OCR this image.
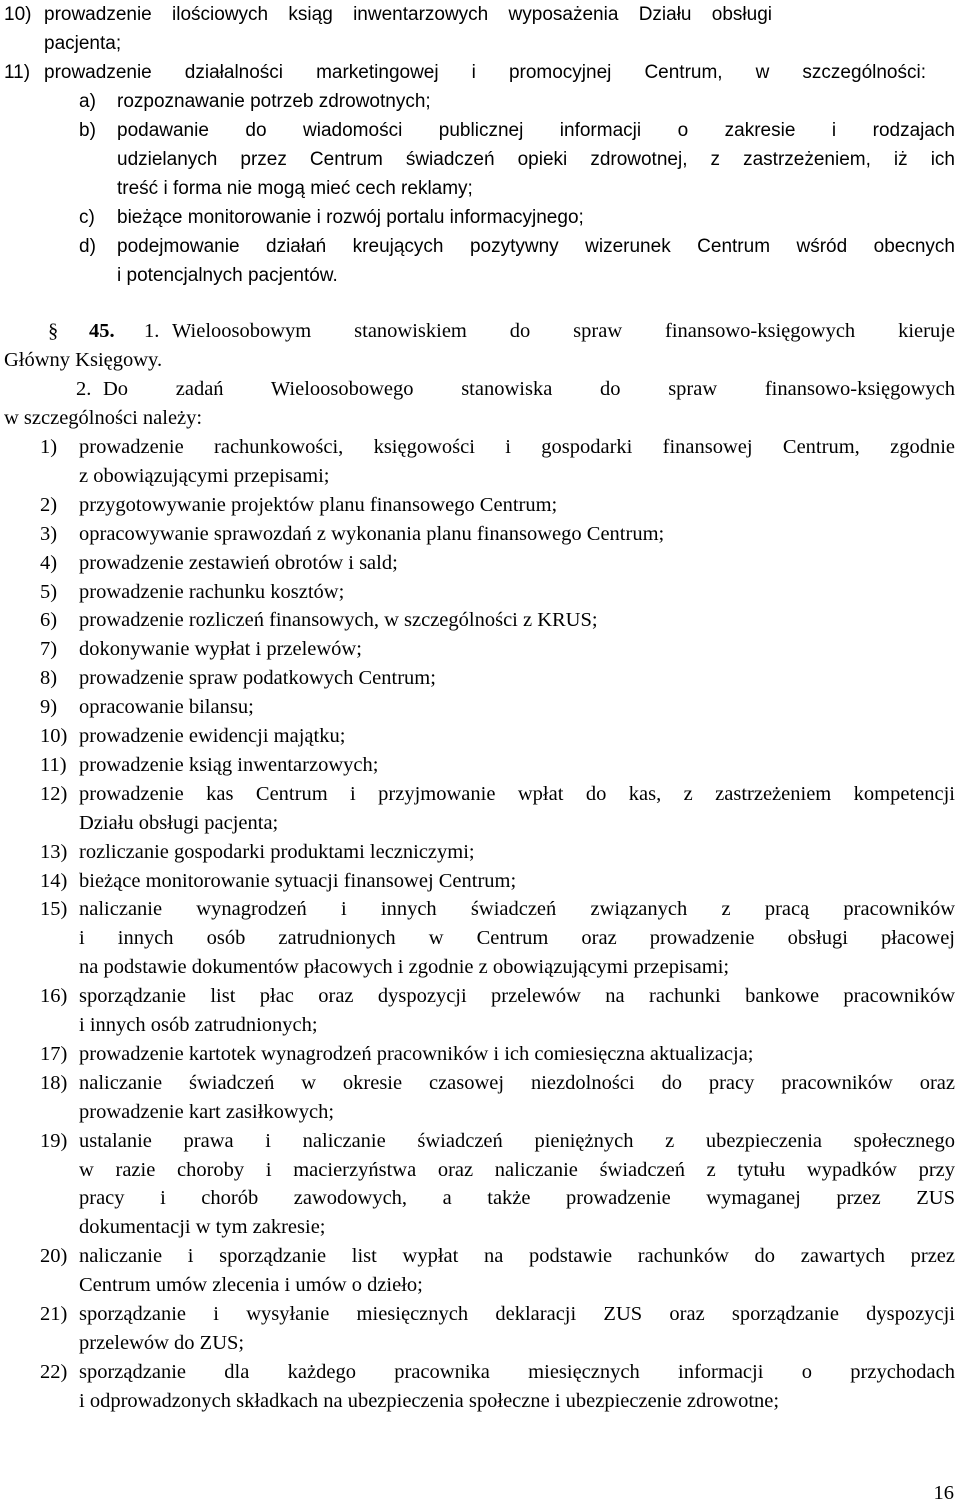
10) prowadzenie ilościowych ksiąg inwentarzowych wyposażenia Działu obsługi
pacjenta;
11) prowadzenie działalności marketingowej i promocyjnej Centrum, w szczególności:
a) rozpoznawanie potrzeb zdrowotnych;
b) podawanie do wiadomości publicznej informacji o zakresie i rodzajach
udzielanych przez Centrum świadczeń opieki zdrowotnej, z zastrzeżeniem, iż ich
treść i forma nie mogą mieć cech reklamy;
c) bieżące monitorowanie i rozwój portalu informacyjnego;
d) podejmowanie działań kreujących pozytywny wizerunek Centrum wśród obecnych
i potencjalnych pacjentów.
§ 45. 1. Wieloosobowym stanowiskiem do spraw finansowo-księgowych kieruje
Główny Księgowy.
2. Do zadań Wieloosobowego stanowiska do spraw finansowo-księgowych
w szczególności należy:
1) prowadzenie rachunkowości, księgowości i gospodarki finansowej Centrum, zgodnie
z obowiązującymi przepisami;
2) przygotowywanie projektów planu finansowego Centrum;
3) opracowywanie sprawozdań z wykonania planu finansowego Centrum;
4) prowadzenie zestawień obrotów i sald;
5) prowadzenie rachunku kosztów;
6) prowadzenie rozliczeń finansowych, w szczególności z KRUS;
7) dokonywanie wypłat i przelewów;
8) prowadzenie spraw podatkowych Centrum;
9) opracowanie bilansu;
10) prowadzenie ewidencji majątku;
11) prowadzenie ksiąg inwentarzowych;
12) prowadzenie kas Centrum i przyjmowanie wpłat do kas, z zastrzeżeniem kompetencji
Działu obsługi pacjenta;
13) rozliczanie gospodarki produktami leczniczymi;
14) bieżące monitorowanie sytuacji finansowej Centrum;
15) naliczanie wynagrodzeń i innych świadczeń związanych z pracą pracowników
i innych osób zatrudnionych w Centrum oraz prowadzenie obsługi płacowej
na podstawie dokumentów płacowych i zgodnie z obowiązującymi przepisami;
16) sporządzanie list płac oraz dyspozycji przelewów na rachunki bankowe pracowników
i innych osób zatrudnionych;
17) prowadzenie kartotek wynagrodzeń pracowników i ich comiesięczna aktualizacja;
18) naliczanie świadczeń w okresie czasowej niezdolności do pracy pracowników oraz
prowadzenie kart zasiłkowych;
19) ustalanie prawa i naliczanie świadczeń pieniężnych z ubezpieczenia społecznego
w razie choroby i macierzyństwa oraz naliczanie świadczeń z tytułu wypadków przy
pracy i chorób zawodowych, a także prowadzenie wymaganej przez ZUS
dokumentacji w tym zakresie;
20) naliczanie i sporządzanie list wypłat na podstawie rachunków do zawartych przez
Centrum umów zlecenia i umów o dzieło;
21) sporządzanie i wysyłanie miesięcznych deklaracji ZUS oraz sporządzanie dyspozycji
przelewów do ZUS;
22) sporządzanie dla każdego pracownika miesięcznych informacji o przychodach
i odprowadzonych składkach na ubezpieczenia społeczne i ubezpieczenie zdrowotne;
16
